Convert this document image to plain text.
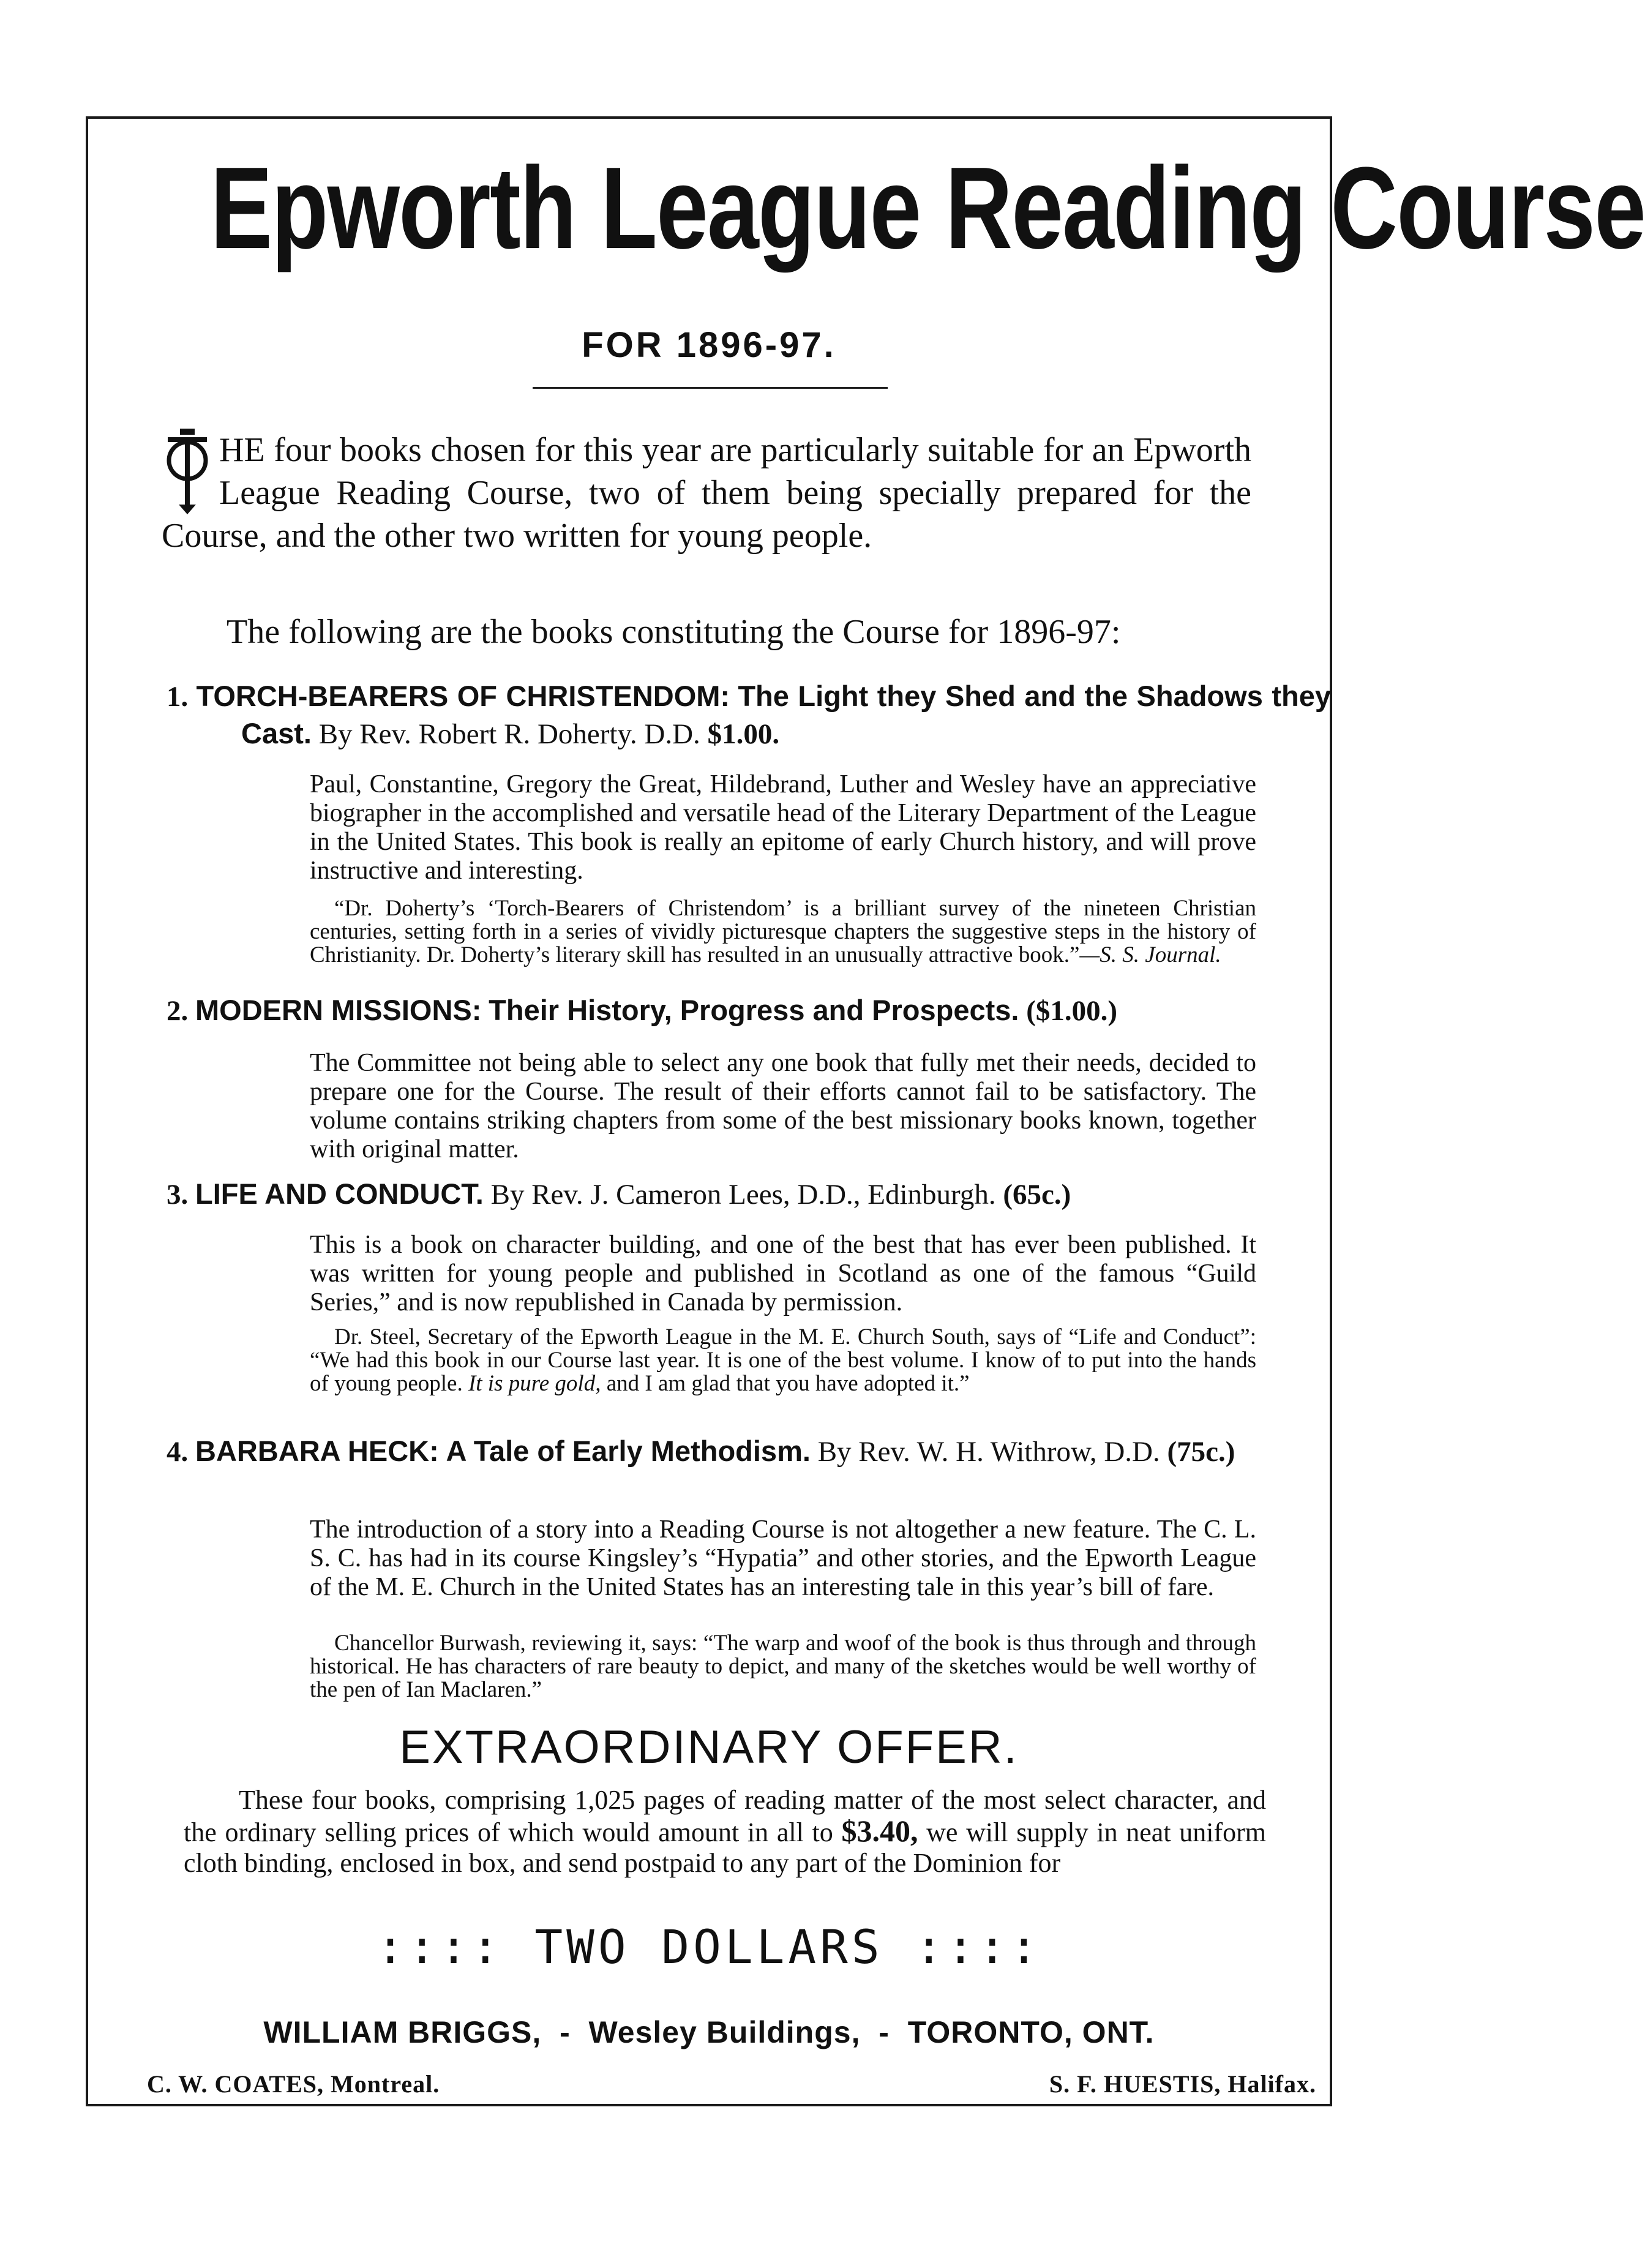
Epworth League Reading Course
FOR 1896-97.
HE four books chosen for this year are particularly suitable for an Epworth League Reading Course, two of them being specially prepared for the Course, and the other two written for young people.
The following are the books constituting the Course for 1896-97:
1. TORCH-BEARERS OF CHRISTENDOM: The Light they Shed and the Shadows they Cast. By Rev. Robert R. Doherty. D.D. $1.00.
Paul, Constantine, Gregory the Great, Hildebrand, Luther and Wesley have an appreciative biographer in the accomplished and versatile head of the Literary Department of the League in the United States. This book is really an epitome of early Church history, and will prove instructive and interesting.
“Dr. Doherty’s ‘Torch-Bearers of Christendom’ is a brilliant survey of the nineteen Christian centuries, setting forth in a series of vividly picturesque chapters the suggestive steps in the history of Christianity. Dr. Doherty’s literary skill has resulted in an unusually attractive book.”—S. S. Journal.
2. MODERN MISSIONS: Their History, Progress and Prospects. ($1.00.)
The Committee not being able to select any one book that fully met their needs, decided to prepare one for the Course. The result of their efforts cannot fail to be satisfactory. The volume contains striking chapters from some of the best missionary books known, together with original matter.
3. LIFE AND CONDUCT. By Rev. J. Cameron Lees, D.D., Edinburgh. (65c.)
This is a book on character building, and one of the best that has ever been published. It was written for young people and published in Scotland as one of the famous “Guild Series,” and is now republished in Canada by permission.
Dr. Steel, Secretary of the Epworth League in the M. E. Church South, says of “Life and Conduct”: “We had this book in our Course last year. It is one of the best volume. I know of to put into the hands of young people. It is pure gold, and I am glad that you have adopted it.”
4. BARBARA HECK: A Tale of Early Methodism. By Rev. W. H. Withrow, D.D. (75c.)
The introduction of a story into a Reading Course is not altogether a new feature. The C. L. S. C. has had in its course Kingsley’s “Hypatia” and other stories, and the Epworth League of the M. E. Church in the United States has an interesting tale in this year’s bill of fare.
Chancellor Burwash, reviewing it, says: “The warp and woof of the book is thus through and through historical. He has characters of rare beauty to depict, and many of the sketches would be well worthy of the pen of Ian Maclaren.”
EXTRAORDINARY OFFER.
These four books, comprising 1,025 pages of reading matter of the most select character, and the ordinary selling prices of which would amount in all to $3.40, we will supply in neat uniform cloth binding, enclosed in box, and send postpaid to any part of the Dominion for
:::: TWO DOLLARS ::::
WILLIAM BRIGGS, - Wesley Buildings, - TORONTO, ONT.
C. W. COATES, Montreal.	S. F. HUESTIS, Halifax.
